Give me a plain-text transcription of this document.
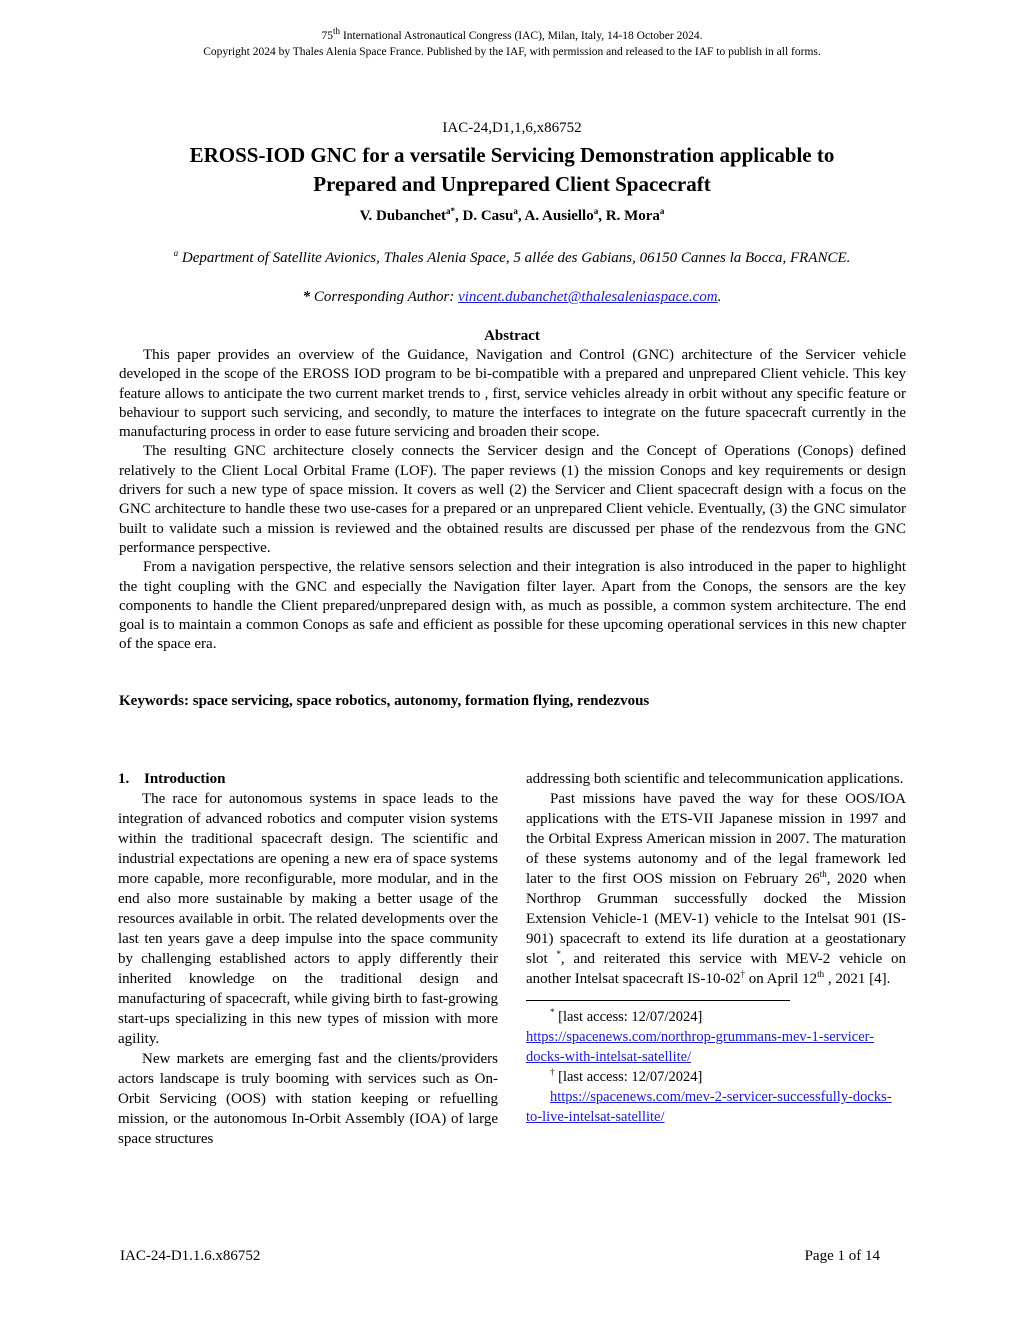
75th International Astronautical Congress (IAC), Milan, Italy, 14-18 October 2024.
Copyright 2024 by Thales Alenia Space France. Published by the IAF, with permission and released to the IAF to publish in all forms.
IAC-24,D1,1,6,x86752
EROSS-IOD GNC for a versatile Servicing Demonstration applicable to
Prepared and Unprepared Client Spacecraft
V. Dubanchet$^{a*}$, D. Casu$^a$, A. Ausiello$^a$, R. Mora$^a$
$^a$ Department of Satellite Avionics, Thales Alenia Space, 5 allée des Gabians, 06150 Cannes la Bocca, FRANCE.
* Corresponding Author: vincent.dubanchet@thalesaleniaspace.com.
Abstract

This paper provides an overview of the Guidance, Navigation and Control (GNC) architecture of the Servicer vehicle developed in the scope of the EROSS IOD program to be bi-compatible with a prepared and unprepared Client vehicle. This key feature allows to anticipate the two current market trends to , first, service vehicles already in orbit without any specific feature or behaviour to support such servicing, and secondly, to mature the interfaces to integrate on the future spacecraft currently in the manufacturing process in order to ease future servicing and broaden their scope.

The resulting GNC architecture closely connects the Servicer design and the Concept of Operations (Conops) defined relatively to the Client Local Orbital Frame (LOF). The paper reviews (1) the mission Conops and key requirements or design drivers for such a new type of space mission. It covers as well (2) the Servicer and Client spacecraft design with a focus on the GNC architecture to handle these two use-cases for a prepared or an unprepared Client vehicle. Eventually, (3) the GNC simulator built to validate such a mission is reviewed and the obtained results are discussed per phase of the rendezvous from the GNC performance perspective.

From a navigation perspective, the relative sensors selection and their integration is also introduced in the paper to highlight the tight coupling with the GNC and especially the Navigation filter layer. Apart from the Conops, the sensors are the key components to handle the Client prepared/unprepared design with, as much as possible, a common system architecture. The end goal is to maintain a common Conops as safe and efficient as possible for these upcoming operational services in this new chapter of the space era.

Keywords: space servicing, space robotics, autonomy, formation flying, rendezvous

1. Introduction

The race for autonomous systems in space leads to the integration of advanced robotics and computer vision systems within the traditional spacecraft design. The scientific and industrial expectations are opening a new era of space systems more capable, more reconfigurable, more modular, and in the end also more sustainable by making a better usage of the resources available in orbit. The related developments over the last ten years gave a deep impulse into the space community by challenging established actors to apply differently their inherited knowledge on the traditional design and manufacturing of spacecraft, while giving birth to fast-growing start-ups specializing in this new types of mission with more agility.

New markets are emerging fast and the clients/providers actors landscape is truly booming with services such as On-Orbit Servicing (OOS) with station keeping or refuelling mission, or the autonomous In-Orbit Assembly (IOA) of large space structures

addressing both scientific and telecommunication applications.

Past missions have paved the way for these OOS/IOA applications with the ETS-VII Japanese mission in 1997 and the Orbital Express American mission in 2007. The maturation of these systems autonomy and of the legal framework led later to the first OOS mission on February 26th, 2020 when Northrop Grumman successfully docked the Mission Extension Vehicle-1 (MEV-1) vehicle to the Intelsat 901 (IS-901) spacecraft to extend its life duration at a geostationary slot *, and reiterated this service with MEV-2 vehicle on another Intelsat spacecraft IS-10-02† on April 12th , 2021 [4].

* [last access: 12/07/2024]
https://spacenews.com/northrop-grummans-mev-1-servicer-docks-with-intelsat-satellite/
† [last access: 12/07/2024]
https://spacenews.com/mev-2-servicer-successfully-docks-to-live-intelsat-satellite/
IAC-24-D1.1.6.x86752	Page 1 of 14
